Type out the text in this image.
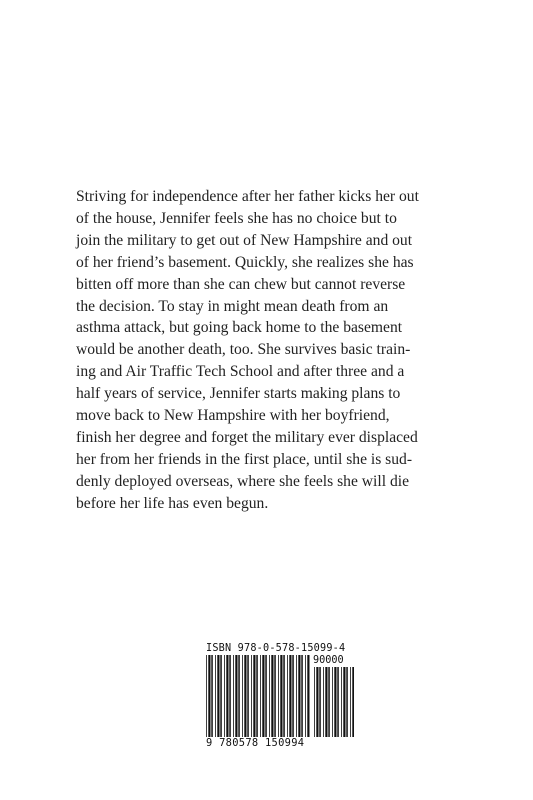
Striving for independence after her father kicks her out
of the house, Jennifer feels she has no choice but to
join the military to get out of New Hampshire and out
of her friend’s basement. Quickly, she realizes she has
bitten off more than she can chew but cannot reverse
the decision. To stay in might mean death from an
asthma attack, but going back home to the basement
would be another death, too. She survives basic train-
ing and Air Traffic Tech School and after three and a
half years of service, Jennifer starts making plans to
move back to New Hampshire with her boyfriend,
finish her degree and forget the military ever displaced
her from her friends in the first place, until she is sud-
denly deployed overseas, where she feels she will die
before her life has even begun.
ISBN 978-0-578-15099-4
90000
9 780578 150994
